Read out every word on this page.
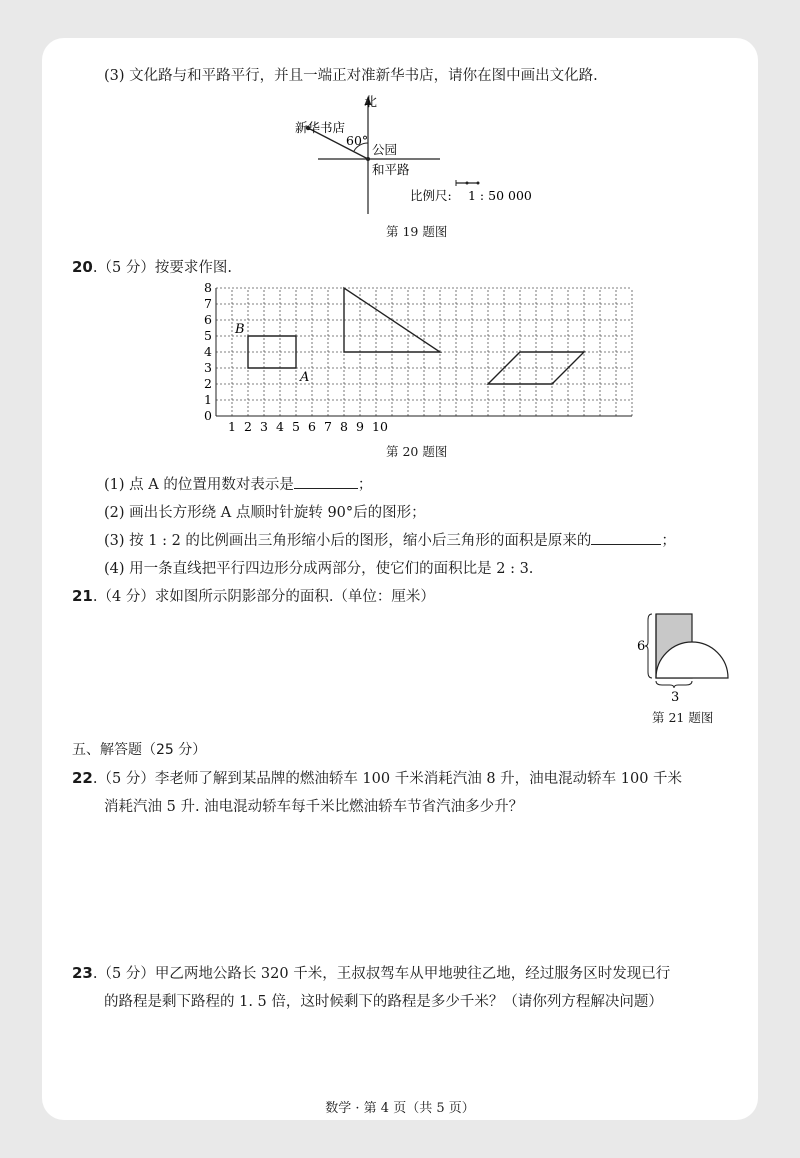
(3) 文化路与和平路平行，并且一端正对准新华书店，请你在图中画出文化路.
北
新华书店
60°
公园
和平路
比例尺: 1 : 50 000
第 19 题图
20.（5 分）按要求作图.
B
A
0
1
2
3
4
5
6
7
8
1 2 3 4 5 6 7 8 9 10
第 20 题图
(1) 点 A 的位置用数对表示是	；
(2) 画出长方形绕 A 点顺时针旋转 90°后的图形；
(3) 按 1 : 2 的比例画出三角形缩小后的图形，缩小后三角形的面积是原来的	；
(4) 用一条直线把平行四边形分成两部分，使它们的面积比是 2 : 3.
21.（4 分）求如图所示阴影部分的面积.（单位：厘米）
6
3
第 21 题图
五、解答题（25 分）
22.（5 分）李老师了解到某品牌的燃油轿车 100 千米消耗汽油 8 升，油电混动轿车 100 千米
消耗汽油 5 升. 油电混动轿车每千米比燃油轿车节省汽油多少升？
23.（5 分）甲乙两地公路长 320 千米，王叔叔驾车从甲地驶往乙地，经过服务区时发现已行
的路程是剩下路程的 1. 5 倍，这时候剩下的路程是多少千米？（请你列方程解决问题）
数学 · 第 4 页（共 5 页）
